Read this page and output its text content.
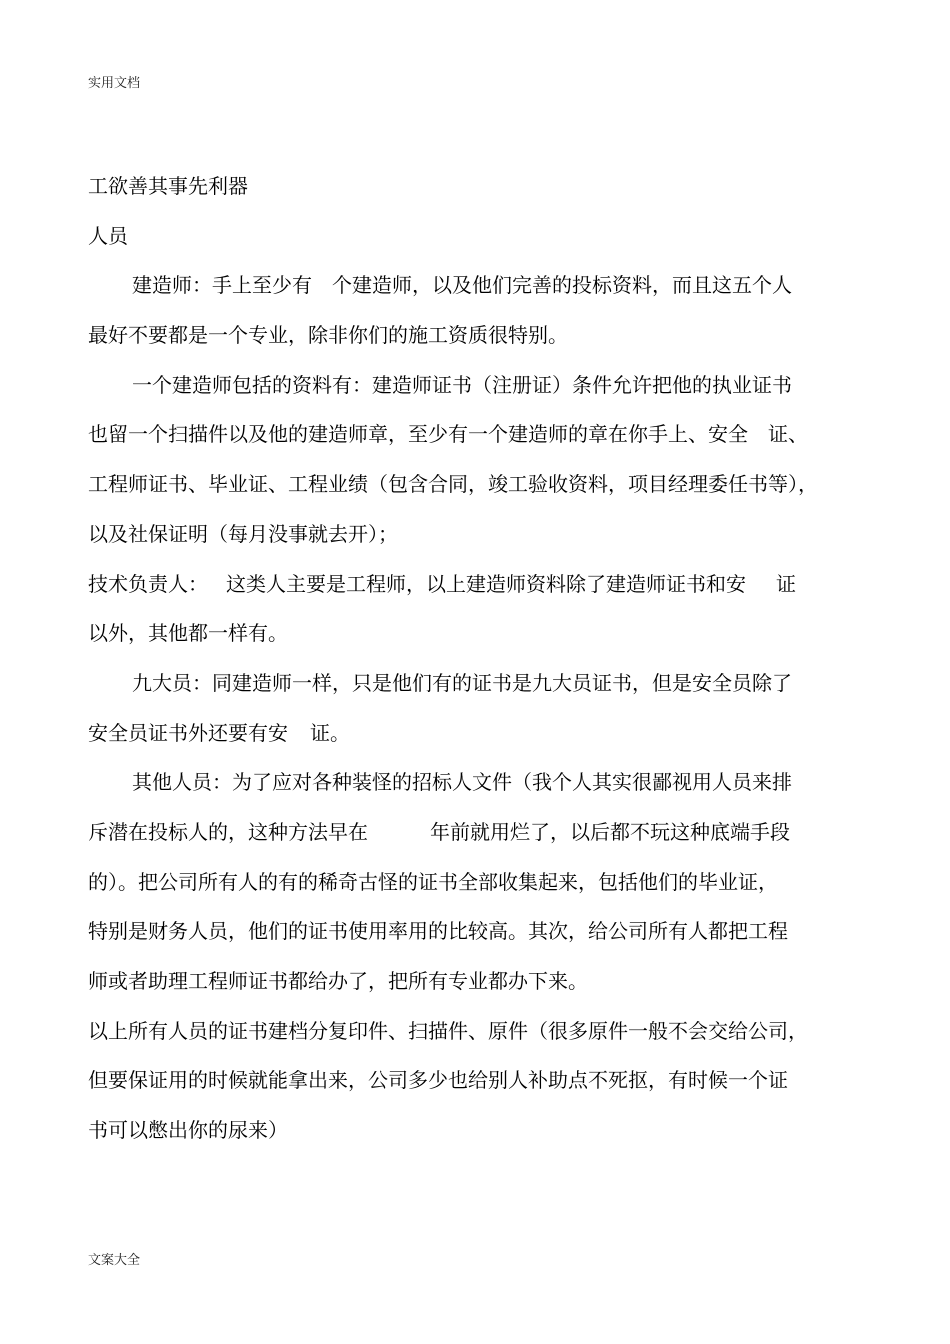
实用文档
工欲善其事先利器
人员
建造师：手上至少有 个建造师，以及他们完善的投标资料，而且这五个人
最好不要都是一个专业，除非你们的施工资质很特别。
一个建造师包括的资料有：建造师证书（注册证）条件允许把他的执业证书
也留一个扫描件以及他的建造师章，至少有一个建造师的章在你手上、安全 证、
工程师证书、毕业证、工程业绩（包含合同，竣工验收资料，项目经理委任书等），
以及社保证明（每月没事就去开）；
技术负责人： 这类人主要是工程师，以上建造师资料除了建造师证书和安 证
以外，其他都一样有。
九大员：同建造师一样，只是他们有的证书是九大员证书，但是安全员除了
安全员证书外还要有安 证。
其他人员：为了应对各种装怪的招标人文件（我个人其实很鄙视用人员来排
斥潜在投标人的，这种方法早在	年前就用烂了，以后都不玩这种底端手段
的）。把公司所有人的有的稀奇古怪的证书全部收集起来，包括他们的毕业证，
特别是财务人员，他们的证书使用率用的比较高。其次，给公司所有人都把工程
师或者助理工程师证书都给办了，把所有专业都办下来。
以上所有人员的证书建档分复印件、扫描件、原件（很多原件一般不会交给公司，
但要保证用的时候就能拿出来，公司多少也给别人补助点不死抠，有时候一个证
书可以憋出你的尿来）
文案大全
